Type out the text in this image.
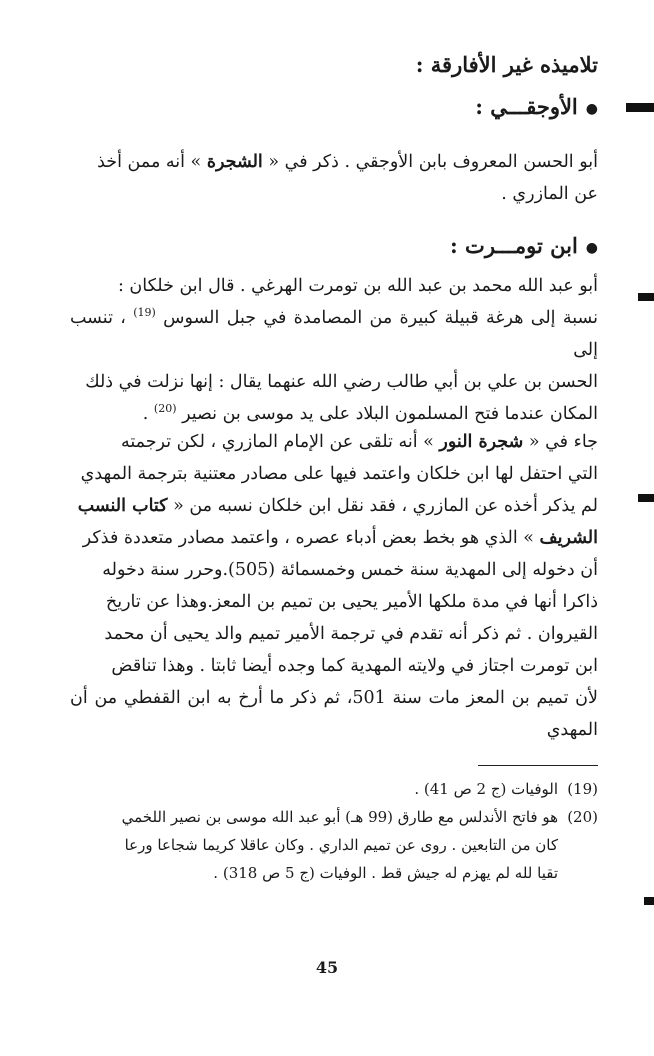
تلاميذه غير الأفارقة :
●الأوجقـــي :
أبو الحسن المعروف بابن الأوجقي . ذكر في « الشجرة » أنه ممن أخذ
عن المازري .
●ابن تومـــرت :
أبو عبد الله محمد بن عبد الله بن تومرت الهرغي . قال ابن خلكان :
نسبة إلى هرغة قبيلة كبيرة من المصامدة في جبل السوس $^{(19)}$ ، تنسب إلى
الحسن بن علي بن أبي طالب رضي الله عنهما يقال : إنها نزلت في ذلك
المكان عندما فتح المسلمون البلاد على يد موسى بن نصير $^{(20)}$ .
جاء في « شجرة النور » أنه تلقى عن الإمام المازري ، لكن ترجمته
التي احتفل لها ابن خلكان واعتمد فيها على مصادر معتنية بترجمة المهدي
لم يذكر أخذه عن المازري ، فقد نقل ابن خلكان نسبه من « كتاب النسب
الشريف » الذي هو بخط بعض أدباء عصره ، واعتمد مصادر متعددة فذكر
أن دخوله إلى المهدية سنة خمس وخمسمائة (505).وحرر سنة دخوله
ذاكرا أنها في مدة ملكها الأمير يحيى بن تميم بن المعز.وهذا عن تاريخ
القيروان . ثم ذكر أنه تقدم في ترجمة الأمير تميم والد يحيى أن محمد
ابن تومرت اجتاز في ولايته المهدية كما وجده أيضا ثابتا . وهذا تناقض
لأن تميم بن المعز مات سنة 501، ثم ذكر ما أرخ به ابن القفطي من أن المهدي
(19)الوفيات (ج 2 ص 41) .
(20)هو فاتح الأندلس مع طارق (99 هـ) أبو عبد الله موسى بن نصير اللخمي
كان من التابعين . روى عن تميم الداري . وكان عاقلا كريما شجاعا ورعا
تقيا لله لم يهزم له جيش قط . الوفيات (ج 5 ص 318) .
45
